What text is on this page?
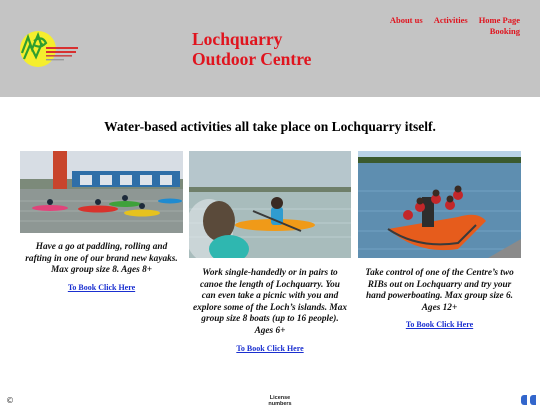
Lochquarry
Outdoor Centre
About us Activities Home Page
Booking
Water-based activities all take place on Lochquarry itself.

Have a go at paddling, rolling and rafting in one of our brand new kayaks. Max group size 8. Ages 8+

To Book Click Here

Work single-handedly or in pairs to canoe the length of Lochquarry. You can even take a picnic with you and explore some of the Loch’s islands. Max group size 8 boats (up to 16 people). Ages 6+

To Book Click Here

Take control of one of the Centre’s two RIBs out on Lochquarry and try your hand powerboating. Max group size 6. Ages 12+

To Book Click Here
©	License numbers
